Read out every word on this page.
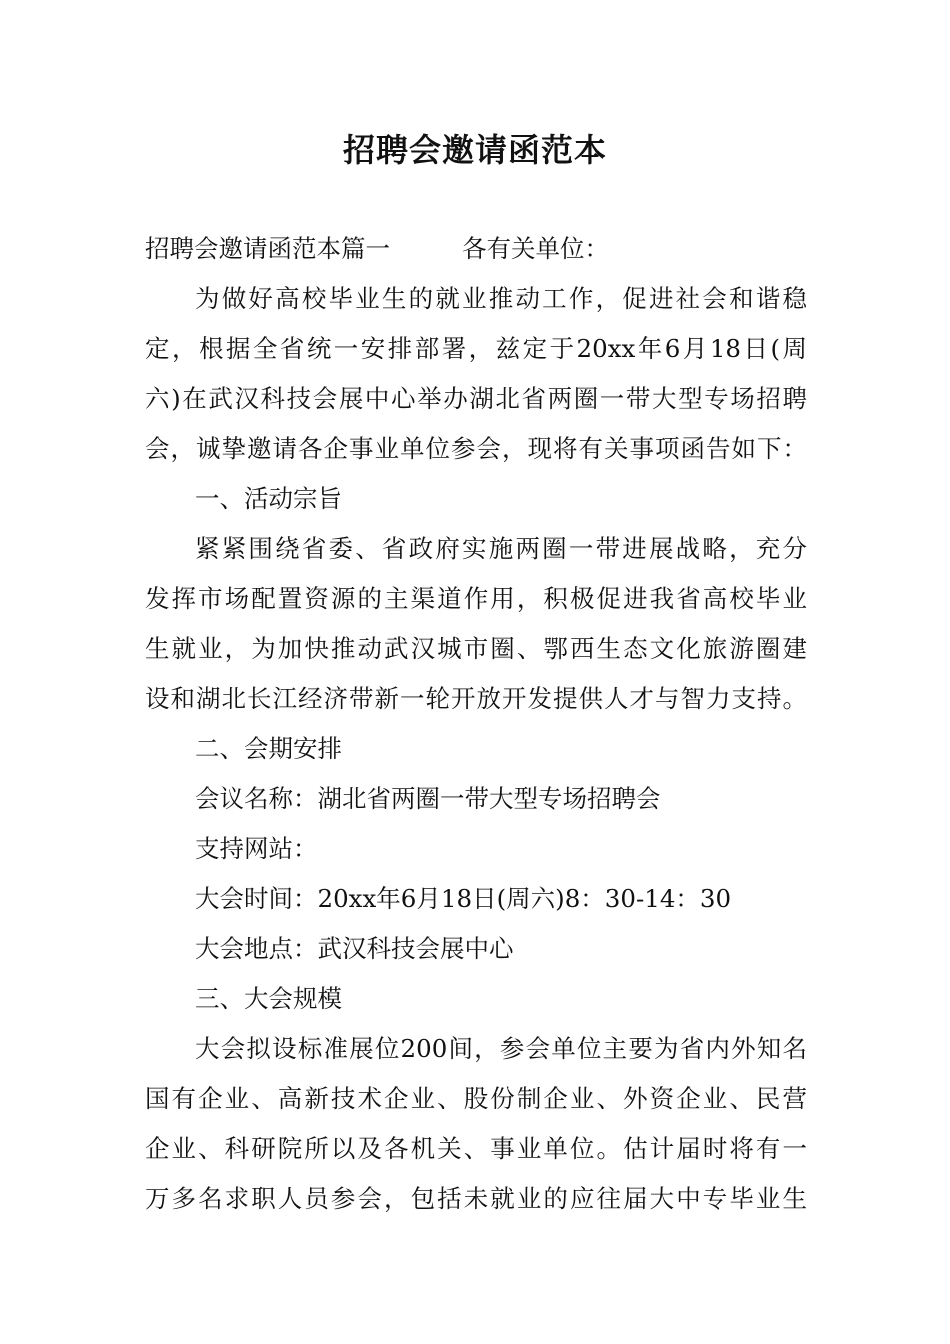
招聘会邀请函范本
招聘会邀请函范本篇一	各有关单位：
为做好高校毕业生的就业推动工作，促进社会和谐稳
定，根据全省统一安排部署，兹定于20xx年6月18日(周
六)在武汉科技会展中心举办湖北省两圈一带大型专场招聘
会，诚挚邀请各企事业单位参会，现将有关事项函告如下：
一、活动宗旨
紧紧围绕省委、省政府实施两圈一带进展战略，充分
发挥市场配置资源的主渠道作用，积极促进我省高校毕业
生就业，为加快推动武汉城市圈、鄂西生态文化旅游圈建
设和湖北长江经济带新一轮开放开发提供人才与智力支持。
二、会期安排
会议名称：湖北省两圈一带大型专场招聘会
支持网站：
大会时间：20xx年6月18日(周六)8：30-14：30
大会地点：武汉科技会展中心
三、大会规模
大会拟设标准展位200间，参会单位主要为省内外知名
国有企业、高新技术企业、股份制企业、外资企业、民营
企业、科研院所以及各机关、事业单位。估计届时将有一
万多名求职人员参会，包括未就业的应往届大中专毕业生
